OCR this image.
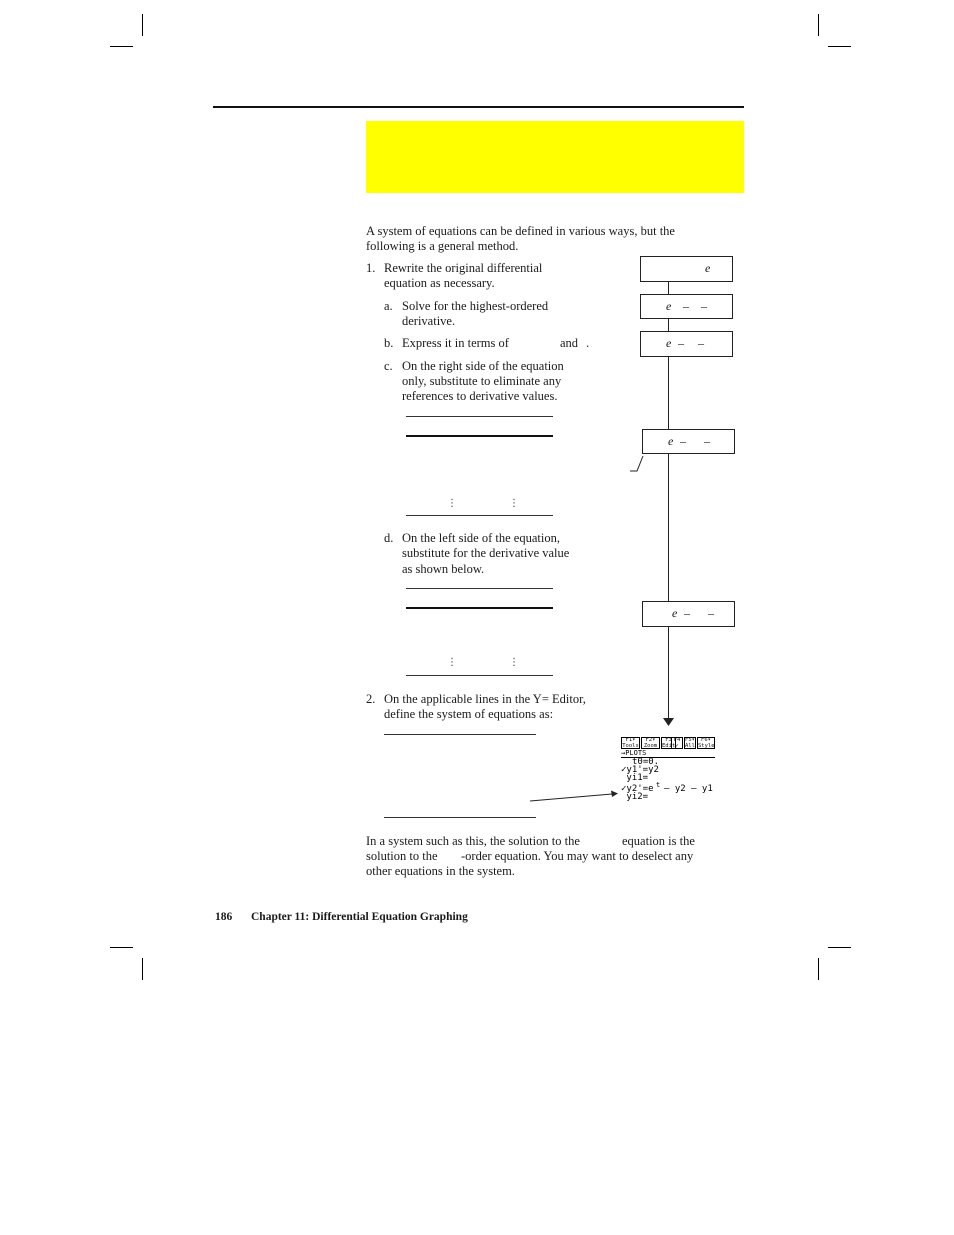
A system of equations can be defined in various ways, but the
following is a general method.
1. Rewrite the original differential
equation as necessary.
a. Solve for the highest-ordered
derivative.
b. Express it in terms of	and .
c. On the right side of the equation
only, substitute to eliminate any
references to derivative values.
⋮	⋮
d. On the left side of the equation,
substitute for the derivative value
as shown below.
⋮	⋮
2. On the applicable lines in the Y= Editor,
define the system of equations as:
e
e – –
e – –
e – –
e – –
F1▾ Tools
F2▾ Zoom
F3 Edit
F4 ✓
F5▾ All
F6▾ Style
→PLOTS
t0=0.
✓y1'=y2
yi1=
✓y2'=e t – y2 – y1
yi2=
In a system such as this, the solution to the	equation is the
solution to the -order equation. You may want to deselect any
other equations in the system.
186 Chapter 11: Differential Equation Graphing
